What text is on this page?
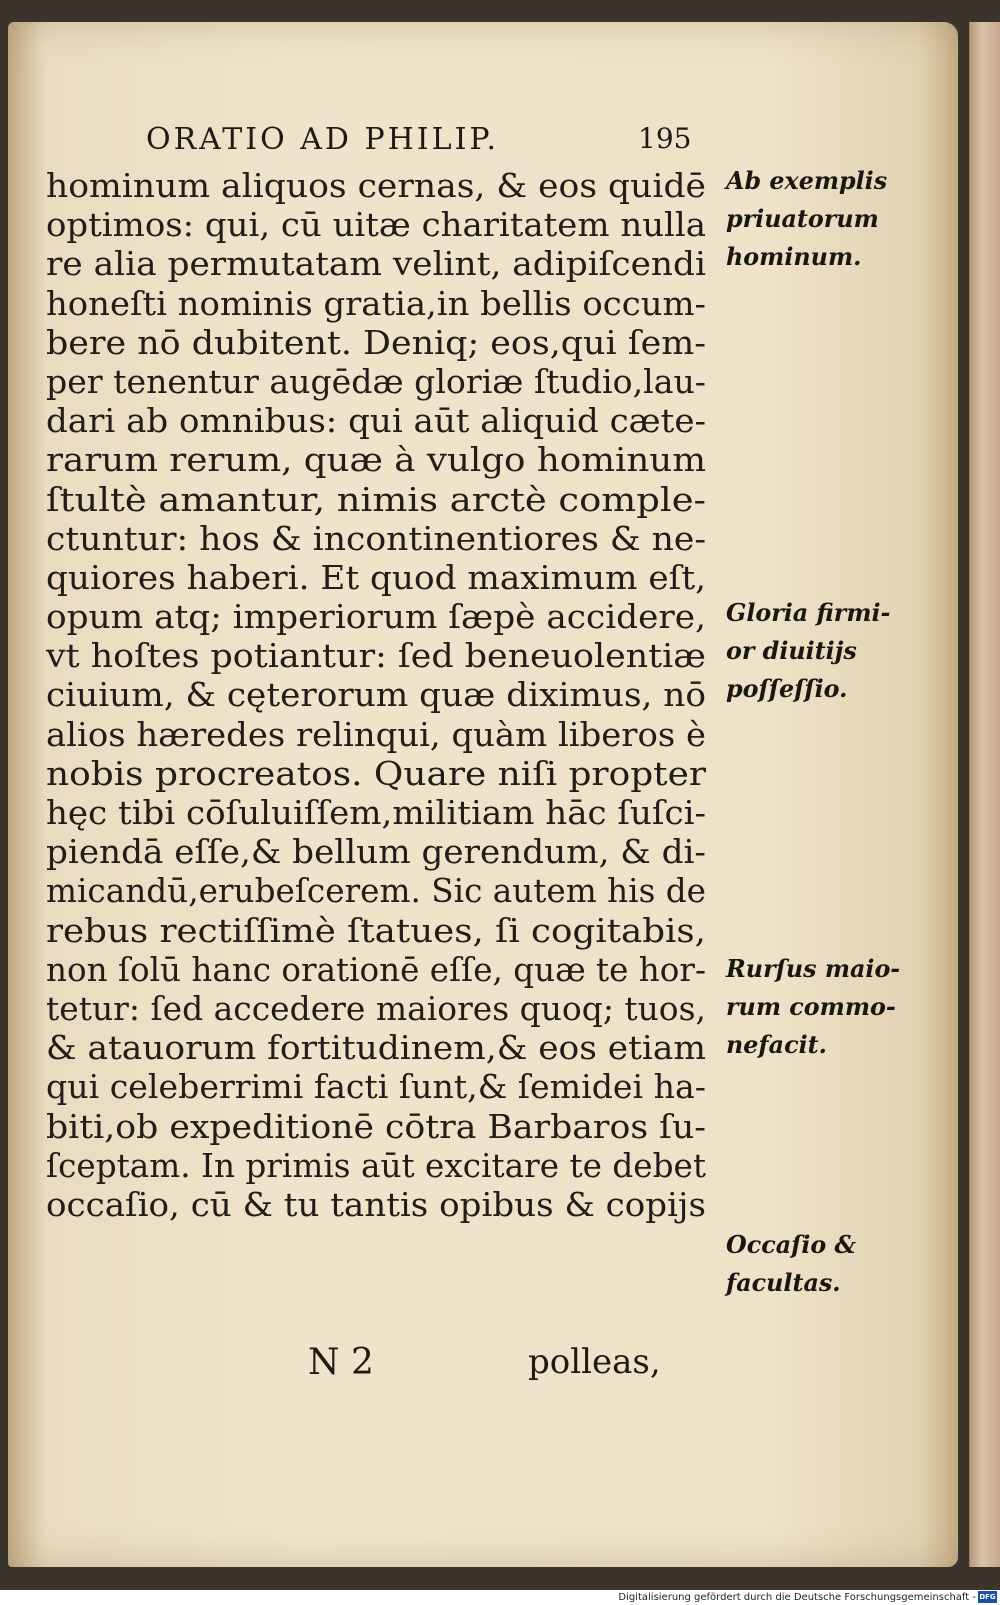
ORATIO AD PHILIP.	195
hominum aliquos cernas, & eos quidē
optimos: qui, cū uitæ charitatem nulla
re alia permutatam velint, adipiſcendi
honeſti nominis gratia,in bellis occum-
bere nō dubitent. Deniq; eos,qui ſem-
per tenentur augēdæ gloriæ ſtudio,lau-
dari ab omnibus: qui aūt aliquid cæte-
rarum rerum, quæ à vulgo hominum
ſtultè amantur, nimis arctè comple-
ctuntur: hos & incontinentiores & ne-
quiores haberi. Et quod maximum eſt,
opum atq; imperiorum ſæpè accidere,
vt hoſtes potiantur: ſed beneuolentiæ
ciuium, & cęterorum quæ diximus, nō
alios hæredes relinqui, quàm liberos è
nobis procreatos. Quare niſi propter
hęc tibi cōſuluiſſem,militiam hāc ſuſci-
piendā eſſe,& bellum gerendum, & di-
micandū,erubeſcerem. Sic autem his de
rebus rectiſſimè ſtatues, ſi cogitabis,
non ſolū hanc orationē eſſe, quæ te hor-
tetur: ſed accedere maiores quoq; tuos,
& atauorum fortitudinem,& eos etiam
qui celeberrimi facti ſunt,& ſemidei ha-
biti,ob expeditionē cōtra Barbaros ſu-
ſceptam. In primis aūt excitare te debet
occaſio, cū & tu tantis opibus & copijs
Ab exemplis
priuatorum
hominum.
Gloria firmi-
or diuitijs
poſſeſſio.
Rurſus maio-
rum commo-
nefacit.
Occaſio &
facultas.
N 2	polleas,
Digitalisierung gefördert durch die Deutsche Forschungsgemeinschaft - DFG
